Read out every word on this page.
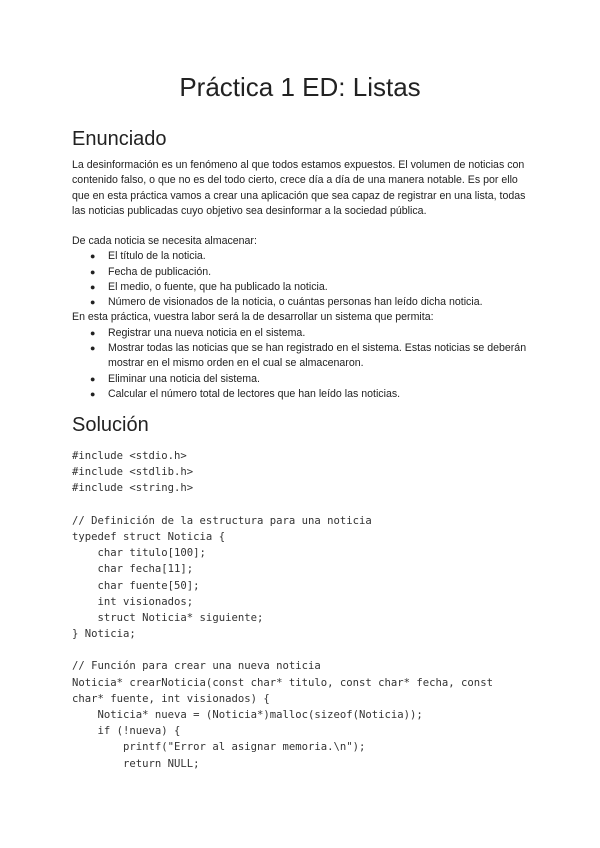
Práctica 1 ED: Listas
Enunciado

La desinformación es un fenómeno al que todos estamos expuestos. El volumen de noticias con contenido falso, o que no es del todo cierto, crece día a día de una manera notable. Es por ello que en esta práctica vamos a crear una aplicación que sea capaz de registrar en una lista, todas las noticias publicadas cuyo objetivo sea desinformar a la sociedad pública.

De cada noticia se necesita almacenar:

● El título de la noticia.
● Fecha de publicación.
● El medio, o fuente, que ha publicado la noticia.
● Número de visionados de la noticia, o cuántas personas han leído dicha noticia.

En esta práctica, vuestra labor será la de desarrollar un sistema que permita:

● Registrar una nueva noticia en el sistema.
● Mostrar todas las noticias que se han registrado en el sistema. Estas noticias se deberán mostrar en el mismo orden en el cual se almacenaron.
● Eliminar una noticia del sistema.
● Calcular el número total de lectores que han leído las noticias.
Solución
#include <stdio.h>
#include <stdlib.h>
#include <string.h>
// Definición de la estructura para una noticia
typedef struct Noticia {
char titulo[100];
char fecha[11];
char fuente[50];
int visionados;
struct Noticia* siguiente;
} Noticia;
// Función para crear una nueva noticia
Noticia* crearNoticia(const char* titulo, const char* fecha, const
char* fuente, int visionados) {
Noticia* nueva = (Noticia*)malloc(sizeof(Noticia));
if (!nueva) {
printf("Error al asignar memoria.\n");
return NULL;
